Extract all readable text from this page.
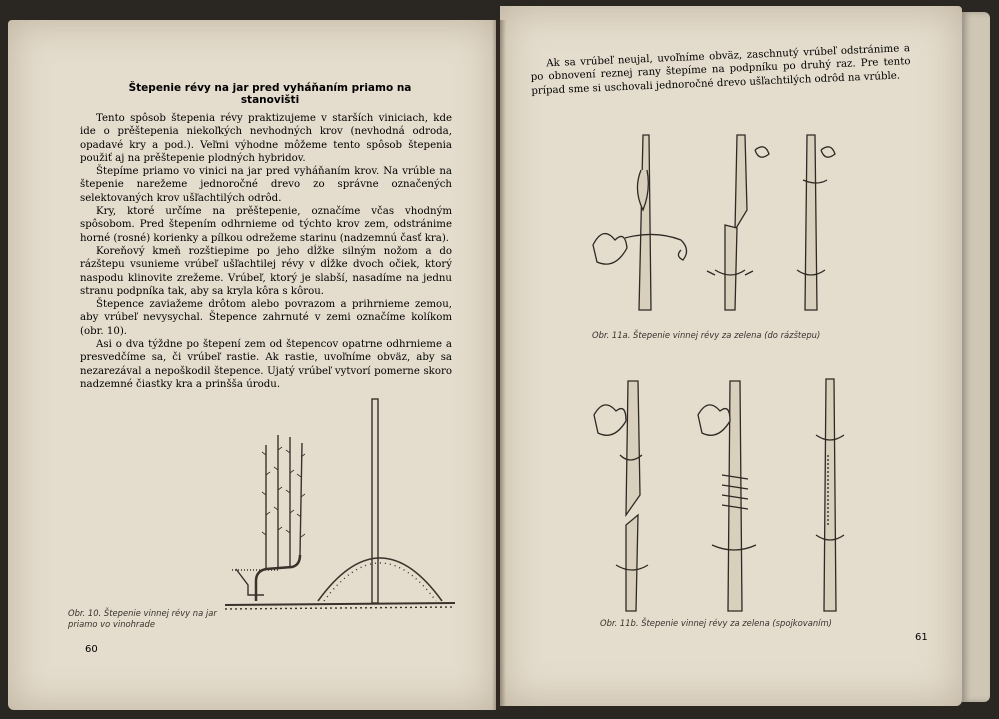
Štepenie révy na jar pred vyháňaním priamo na stanovišti

Tento spôsob štepenia révy praktizujeme v starších viniciach, kde ide o prěštepenia niekoľkých nevhodných krov (nevhodná odroda, opadavé kry a pod.). Veľmi výhodne môžeme tento spôsob štepenia použiť aj na prěštepenie plodných hybridov.

Štepíme priamo vo vinici na jar pred vyháňaním krov. Na vrúble na štepenie narežeme jednoročné drevo zo správne označených selektovaných krov ušľachtilých odrôd.

Kry, ktoré určíme na prěštepenie, označíme včas vhodným spôsobom. Pred štepením odhrnieme od týchto krov zem, odstránime horné (rosné) korienky a pílkou odrežeme starinu (nadzemnú časť kra).

Koreňový kmeň rozštiepime po jeho dĺžke silným nožom a do rázštepu vsunieme vrúbeľ ušľachtilej révy v dĺžke dvoch očiek, ktorý naspodu klinovite zrežeme. Vrúbeľ, ktorý je slabší, nasadíme na jednu stranu podpníka tak, aby sa kryla kôra s kôrou.

Štepence zaviažeme drôtom alebo povrazom a prihrnieme zemou, aby vrúbeľ nevysychal. Štepence zahrnuté v zemi označíme kolíkom (obr. 10).

Asi o dva týždne po štepení zem od štepencov opatrne odhrnieme a presvedčíme sa, či vrúbeľ rastie. Ak rastie, uvoľníme obväz, aby sa nezarezával a nepoškodil štepence. Ujatý vrúbeľ vytvorí pomerne skoro nadzemné čiastky kra a prinšša úrodu.

Obr. 10. Štepenie vinnej révy na jar priamo vo vinohrade
60

Ak sa vrúbeľ neujal, uvoľníme obväz, zaschnutý vrúbeľ odstránime a po obnovení reznej rany štepíme na podpníku po druhý raz. Pre tento prípad sme si uschovali jednoročné drevo ušľachtilých odrôd na vrúble.

Obr. 11a. Štepenie vinnej révy za zelena (do rázštepu)
Obr. 11b. Štepenie vinnej révy za zelena (spojkovaním)
61
